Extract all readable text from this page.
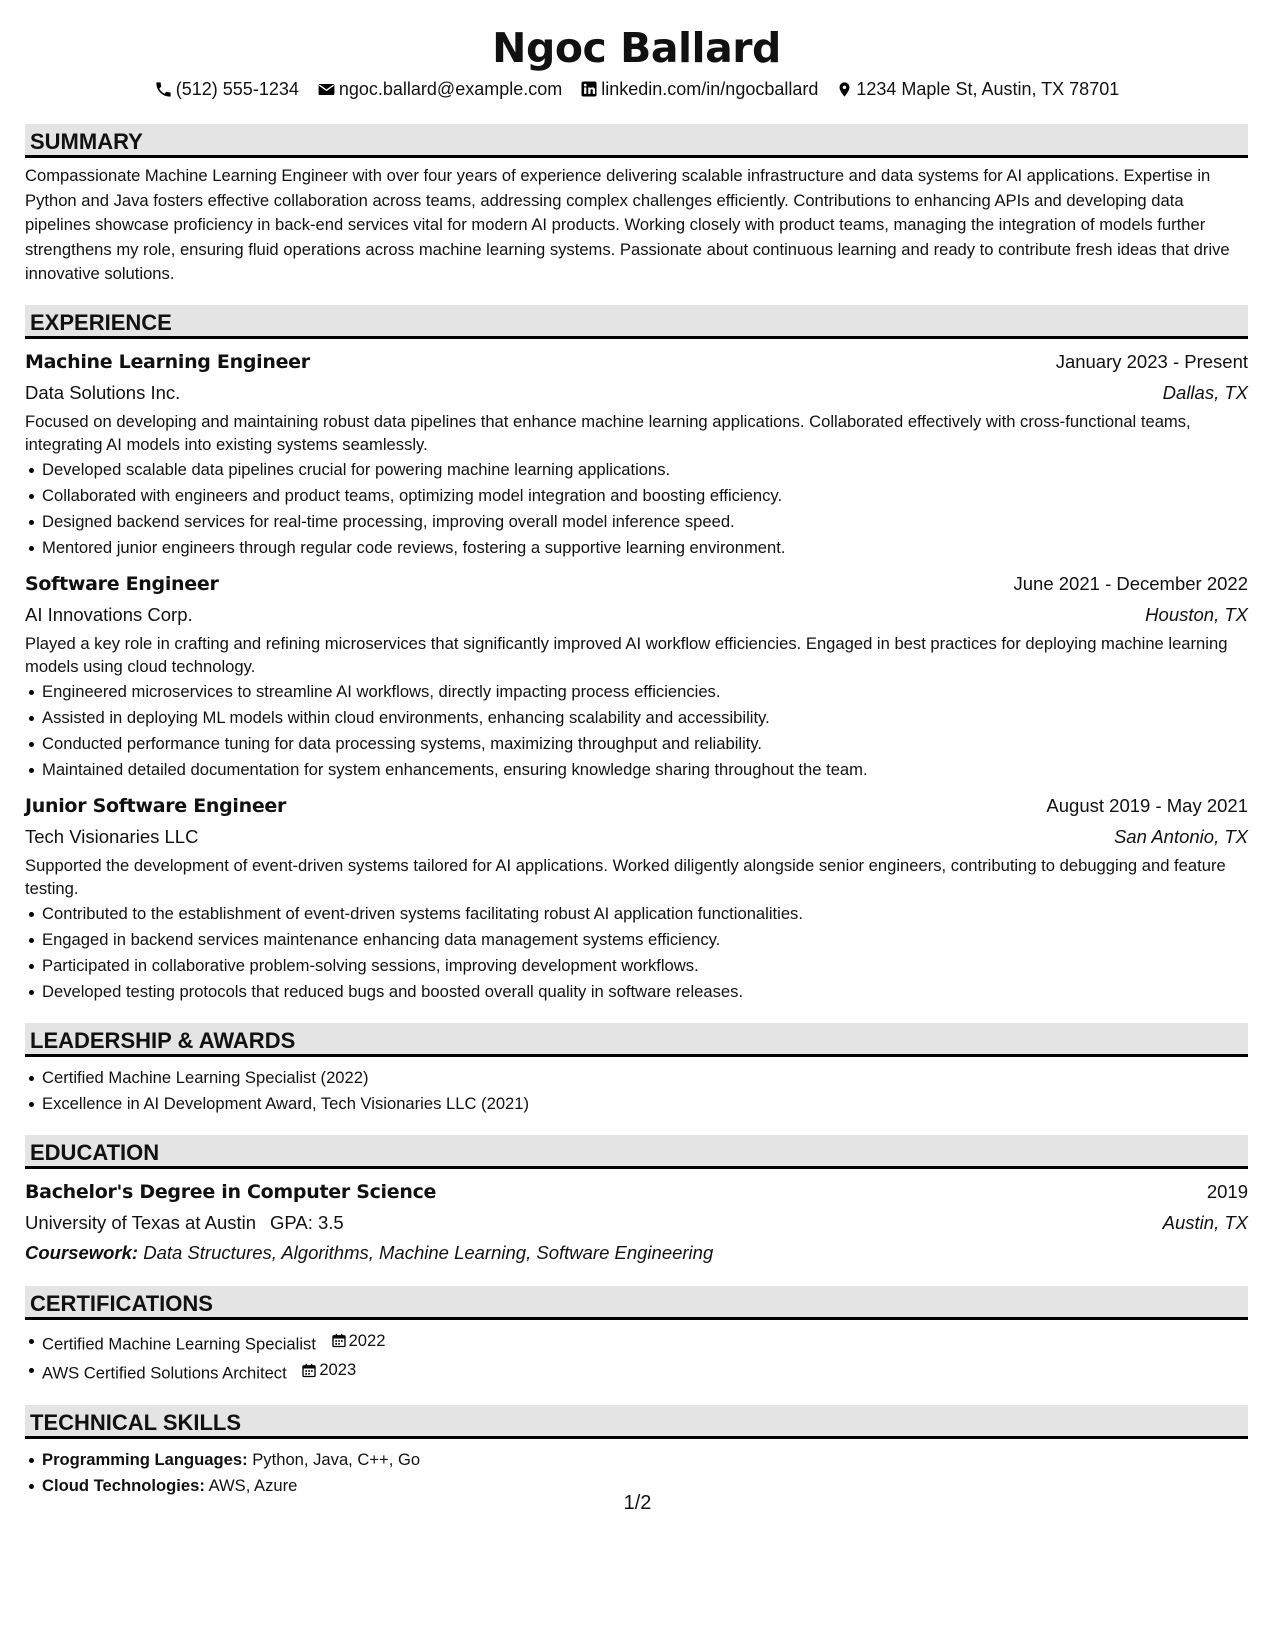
Ngoc Ballard
(512) 555-1234 ngoc.ballard@example.com linkedin.com/in/ngocballard 1234 Maple St, Austin, TX 78701
SUMMARY
Compassionate Machine Learning Engineer with over four years of experience delivering scalable infrastructure and data systems for AI applications. Expertise in Python and Java fosters effective collaboration across teams, addressing complex challenges efficiently. Contributions to enhancing APIs and developing data pipelines showcase proficiency in back-end services vital for modern AI products. Working closely with product teams, managing the integration of models further strengthens my role, ensuring fluid operations across machine learning systems. Passionate about continuous learning and ready to contribute fresh ideas that drive innovative solutions.
EXPERIENCE
Machine Learning Engineer	January 2023 - Present
Data Solutions Inc.	Dallas, TX
Focused on developing and maintaining robust data pipelines that enhance machine learning applications. Collaborated effectively with cross-functional teams, integrating AI models into existing systems seamlessly.
Developed scalable data pipelines crucial for powering machine learning applications.
Collaborated with engineers and product teams, optimizing model integration and boosting efficiency.
Designed backend services for real-time processing, improving overall model inference speed.
Mentored junior engineers through regular code reviews, fostering a supportive learning environment.
Software Engineer	June 2021 - December 2022
AI Innovations Corp.	Houston, TX
Played a key role in crafting and refining microservices that significantly improved AI workflow efficiencies. Engaged in best practices for deploying machine learning models using cloud technology.
Engineered microservices to streamline AI workflows, directly impacting process efficiencies.
Assisted in deploying ML models within cloud environments, enhancing scalability and accessibility.
Conducted performance tuning for data processing systems, maximizing throughput and reliability.
Maintained detailed documentation for system enhancements, ensuring knowledge sharing throughout the team.
Junior Software Engineer	August 2019 - May 2021
Tech Visionaries LLC	San Antonio, TX
Supported the development of event-driven systems tailored for AI applications. Worked diligently alongside senior engineers, contributing to debugging and feature testing.
Contributed to the establishment of event-driven systems facilitating robust AI application functionalities.
Engaged in backend services maintenance enhancing data management systems efficiency.
Participated in collaborative problem-solving sessions, improving development workflows.
Developed testing protocols that reduced bugs and boosted overall quality in software releases.
LEADERSHIP & AWARDS
Certified Machine Learning Specialist (2022)
Excellence in AI Development Award, Tech Visionaries LLC (2021)
EDUCATION
Bachelor's Degree in Computer Science	2019
University of Texas at Austin GPA: 3.5	Austin, TX
Coursework: Data Structures, Algorithms, Machine Learning, Software Engineering
CERTIFICATIONS
Certified Machine Learning Specialist 2022
AWS Certified Solutions Architect 2023
TECHNICAL SKILLS
Programming Languages: Python, Java, C++, Go
Cloud Technologies: AWS, Azure
1/2
